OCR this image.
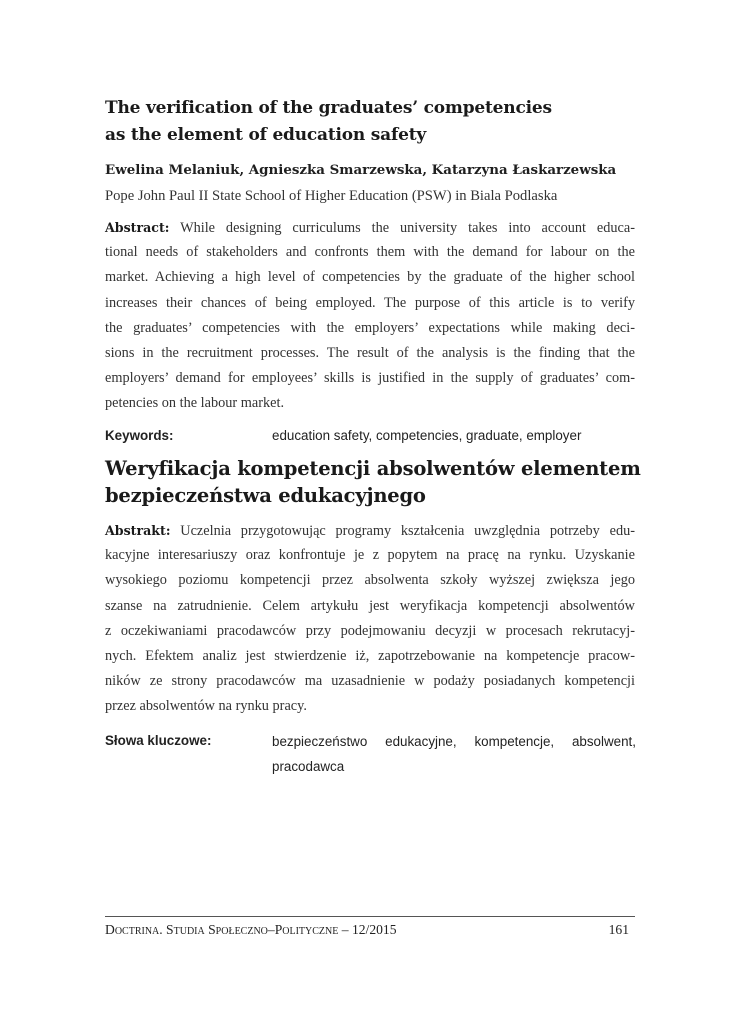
The verification of the graduates’ competencies
as the element of education safety
Ewelina Melaniuk, Agnieszka Smarzewska, Katarzyna Łaskarzewska
Pope John Paul II State School of Higher Education (PSW) in Biala Podlaska
Abstract: While designing curriculums the university takes into account educa-
tional needs of stakeholders and confronts them with the demand for labour on the
market. Achieving a high level of competencies by the graduate of the higher school
increases their chances of being employed. The purpose of this article is to verify
the graduates’ competencies with the employers’ expectations while making deci-
sions in the recruitment processes. The result of the analysis is the finding that the
employers’ demand for employees’ skills is justified in the supply of graduates’ com-
petencies on the labour market.
Keywords:	education safety, competencies, graduate, employer
Weryfikacja kompetencji absolwentów elementem
bezpieczeństwa edukacyjnego
Abstrakt: Uczelnia przygotowując programy kształcenia uwzględnia potrzeby edu-
kacyjne interesariuszy oraz konfrontuje je z popytem na pracę na rynku. Uzyskanie
wysokiego poziomu kompetencji przez absolwenta szkoły wyższej zwiększa jego
szanse na zatrudnienie. Celem artykułu jest weryfikacja kompetencji absolwentów
z oczekiwaniami pracodawców przy podejmowaniu decyzji w procesach rekrutacyj-
nych. Efektem analiz jest stwierdzenie iż, zapotrzebowanie na kompetencje pracow-
ników ze strony pracodawców ma uzasadnienie w podaży posiadanych kompetencji
przez absolwentów na rynku pracy.
Słowa kluczowe:	bezpieczeństwo edukacyjne, kompetencje, absolwent,
pracodawca
Doctrina. Studia Społeczno–Polityczne – 12/2015	161
